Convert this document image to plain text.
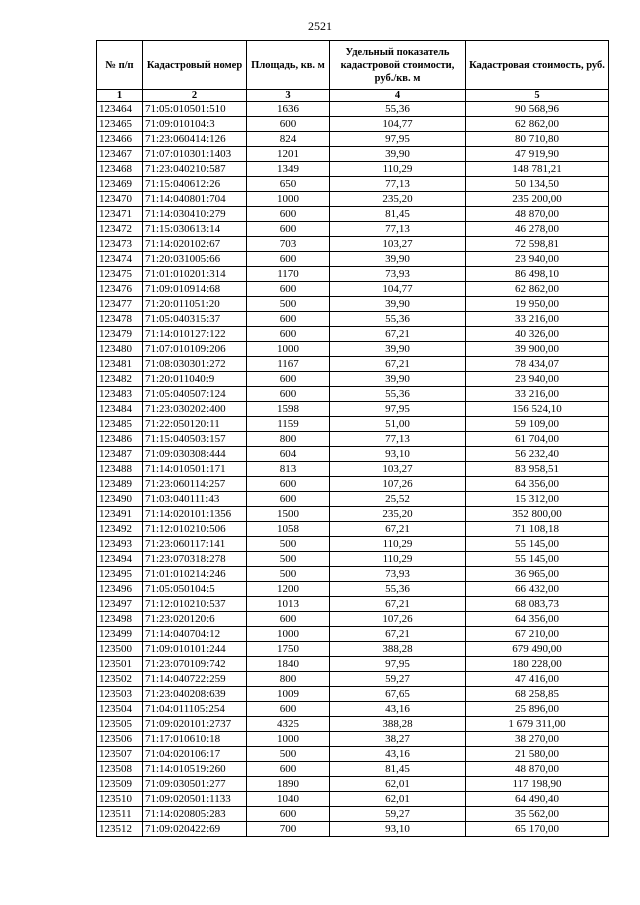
2521
№ п/п	Кадастровый номер	Площадь, кв. м	Удельный показатель кадастровой стоимости, руб./кв. м	Кадастровая стоимость, руб.
1	2	3	4	5
123464	71:05:010501:510	1636	55,36	90 568,96
123465	71:09:010104:3	600	104,77	62 862,00
123466	71:23:060414:126	824	97,95	80 710,80
123467	71:07:010301:1403	1201	39,90	47 919,90
123468	71:23:040210:587	1349	110,29	148 781,21
123469	71:15:040612:26	650	77,13	50 134,50
123470	71:14:040801:704	1000	235,20	235 200,00
123471	71:14:030410:279	600	81,45	48 870,00
123472	71:15:030613:14	600	77,13	46 278,00
123473	71:14:020102:67	703	103,27	72 598,81
123474	71:20:031005:66	600	39,90	23 940,00
123475	71:01:010201:314	1170	73,93	86 498,10
123476	71:09:010914:68	600	104,77	62 862,00
123477	71:20:011051:20	500	39,90	19 950,00
123478	71:05:040315:37	600	55,36	33 216,00
123479	71:14:010127:122	600	67,21	40 326,00
123480	71:07:010109:206	1000	39,90	39 900,00
123481	71:08:030301:272	1167	67,21	78 434,07
123482	71:20:011040:9	600	39,90	23 940,00
123483	71:05:040507:124	600	55,36	33 216,00
123484	71:23:030202:400	1598	97,95	156 524,10
123485	71:22:050120:11	1159	51,00	59 109,00
123486	71:15:040503:157	800	77,13	61 704,00
123487	71:09:030308:444	604	93,10	56 232,40
123488	71:14:010501:171	813	103,27	83 958,51
123489	71:23:060114:257	600	107,26	64 356,00
123490	71:03:040111:43	600	25,52	15 312,00
123491	71:14:020101:1356	1500	235,20	352 800,00
123492	71:12:010210:506	1058	67,21	71 108,18
123493	71:23:060117:141	500	110,29	55 145,00
123494	71:23:070318:278	500	110,29	55 145,00
123495	71:01:010214:246	500	73,93	36 965,00
123496	71:05:050104:5	1200	55,36	66 432,00
123497	71:12:010210:537	1013	67,21	68 083,73
123498	71:23:020120:6	600	107,26	64 356,00
123499	71:14:040704:12	1000	67,21	67 210,00
123500	71:09:010101:244	1750	388,28	679 490,00
123501	71:23:070109:742	1840	97,95	180 228,00
123502	71:14:040722:259	800	59,27	47 416,00
123503	71:23:040208:639	1009	67,65	68 258,85
123504	71:04:011105:254	600	43,16	25 896,00
123505	71:09:020101:2737	4325	388,28	1 679 311,00
123506	71:17:010610:18	1000	38,27	38 270,00
123507	71:04:020106:17	500	43,16	21 580,00
123508	71:14:010519:260	600	81,45	48 870,00
123509	71:09:030501:277	1890	62,01	117 198,90
123510	71:09:020501:1133	1040	62,01	64 490,40
123511	71:14:020805:283	600	59,27	35 562,00
123512	71:09:020422:69	700	93,10	65 170,00
